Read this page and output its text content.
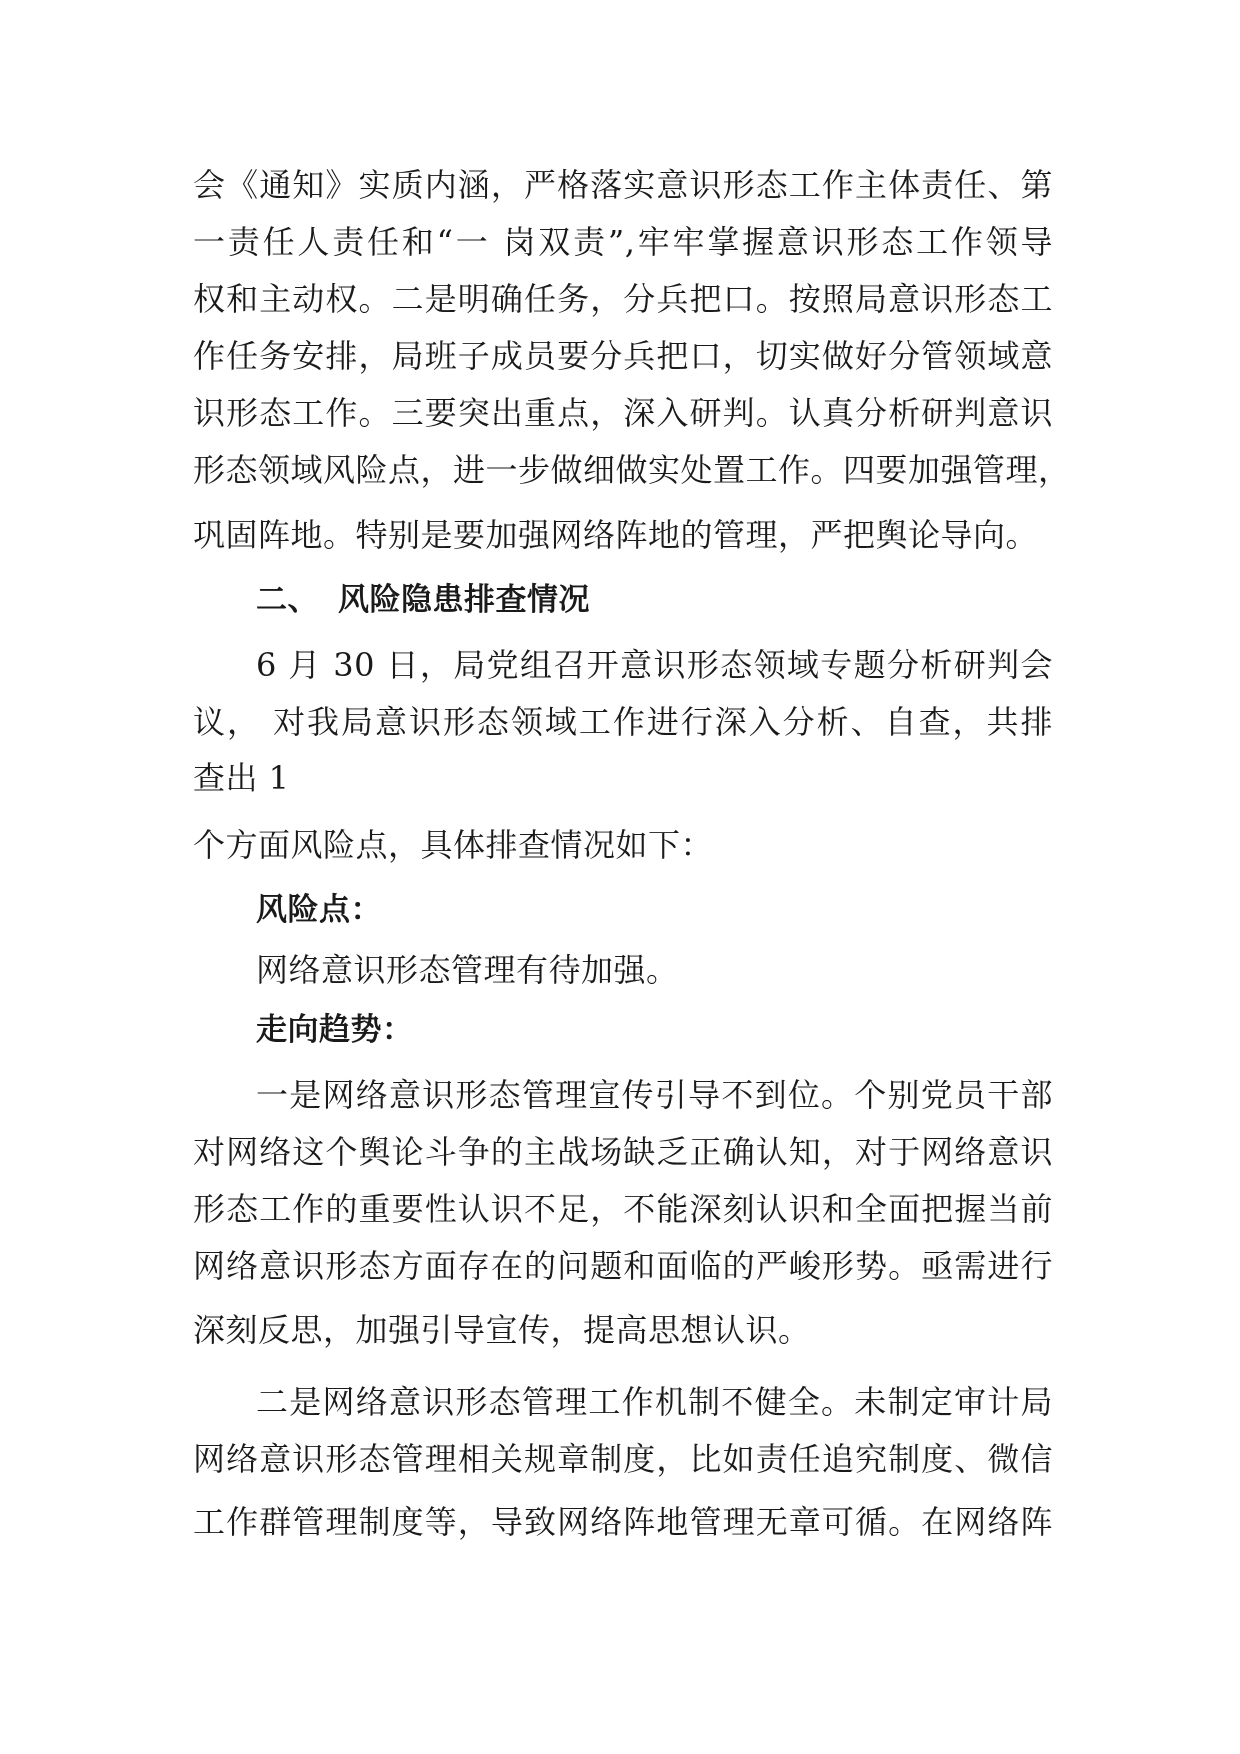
会《通知》实质内涵，严格落实意识形态工作主体责任、第
一责任人责任和“一 岗双责”,牢牢掌握意识形态工作领导
权和主动权。二是明确任务，分兵把口。按照局意识形态工
作任务安排，局班子成员要分兵把口，切实做好分管领域意
识形态工作。三要突出重点，深入研判。认真分析研判意识
形态领域风险点，进一步做细做实处置工作。四要加强管理，
巩固阵地。特别是要加强网络阵地的管理，严把舆论导向。
二、 风险隐患排查情况
6 月 30 日，局党组召开意识形态领域专题分析研判会
议， 对我局意识形态领域工作进行深入分析、自查，共排
查出 1
个方面风险点，具体排查情况如下：
风险点：
网络意识形态管理有待加强。
走向趋势：
一是网络意识形态管理宣传引导不到位。个别党员干部
对网络这个舆论斗争的主战场缺乏正确认知，对于网络意识
形态工作的重要性认识不足，不能深刻认识和全面把握当前
网络意识形态方面存在的问题和面临的严峻形势。亟需进行
深刻反思，加强引导宣传，提高思想认识。
二是网络意识形态管理工作机制不健全。未制定审计局
网络意识形态管理相关规章制度，比如责任追究制度、微信
工作群管理制度等，导致网络阵地管理无章可循。在网络阵
